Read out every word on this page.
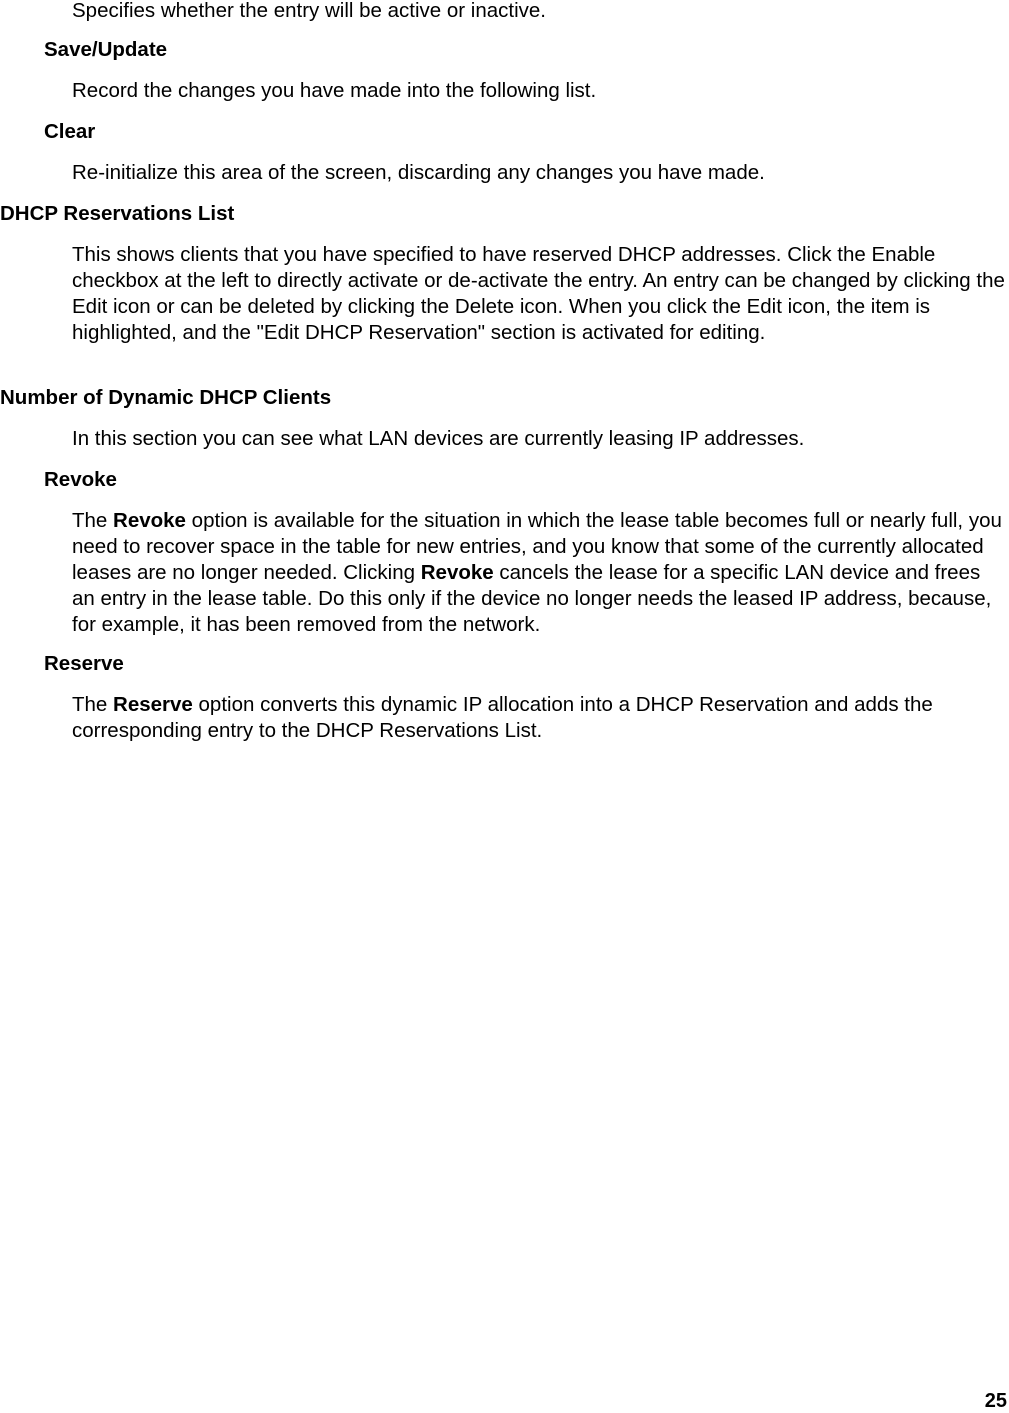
Specifies whether the entry will be active or inactive.

Save/Update

Record the changes you have made into the following list.

Clear

Re-initialize this area of the screen, discarding any changes you have made.

DHCP Reservations List

This shows clients that you have specified to have reserved DHCP addresses. Click the Enable checkbox at the left to directly activate or de-activate the entry. An entry can be changed by clicking the Edit icon or can be deleted by clicking the Delete icon. When you click the Edit icon, the item is highlighted, and the "Edit DHCP Reservation" section is activated for editing.

Number of Dynamic DHCP Clients

In this section you can see what LAN devices are currently leasing IP addresses.

Revoke

The Revoke option is available for the situation in which the lease table becomes full or nearly full, you need to recover space in the table for new entries, and you know that some of the currently allocated leases are no longer needed. Clicking Revoke cancels the lease for a specific LAN device and frees an entry in the lease table. Do this only if the device no longer needs the leased IP address, because, for example, it has been removed from the network.

Reserve

The Reserve option converts this dynamic IP allocation into a DHCP Reservation and adds the corresponding entry to the DHCP Reservations List.

25
